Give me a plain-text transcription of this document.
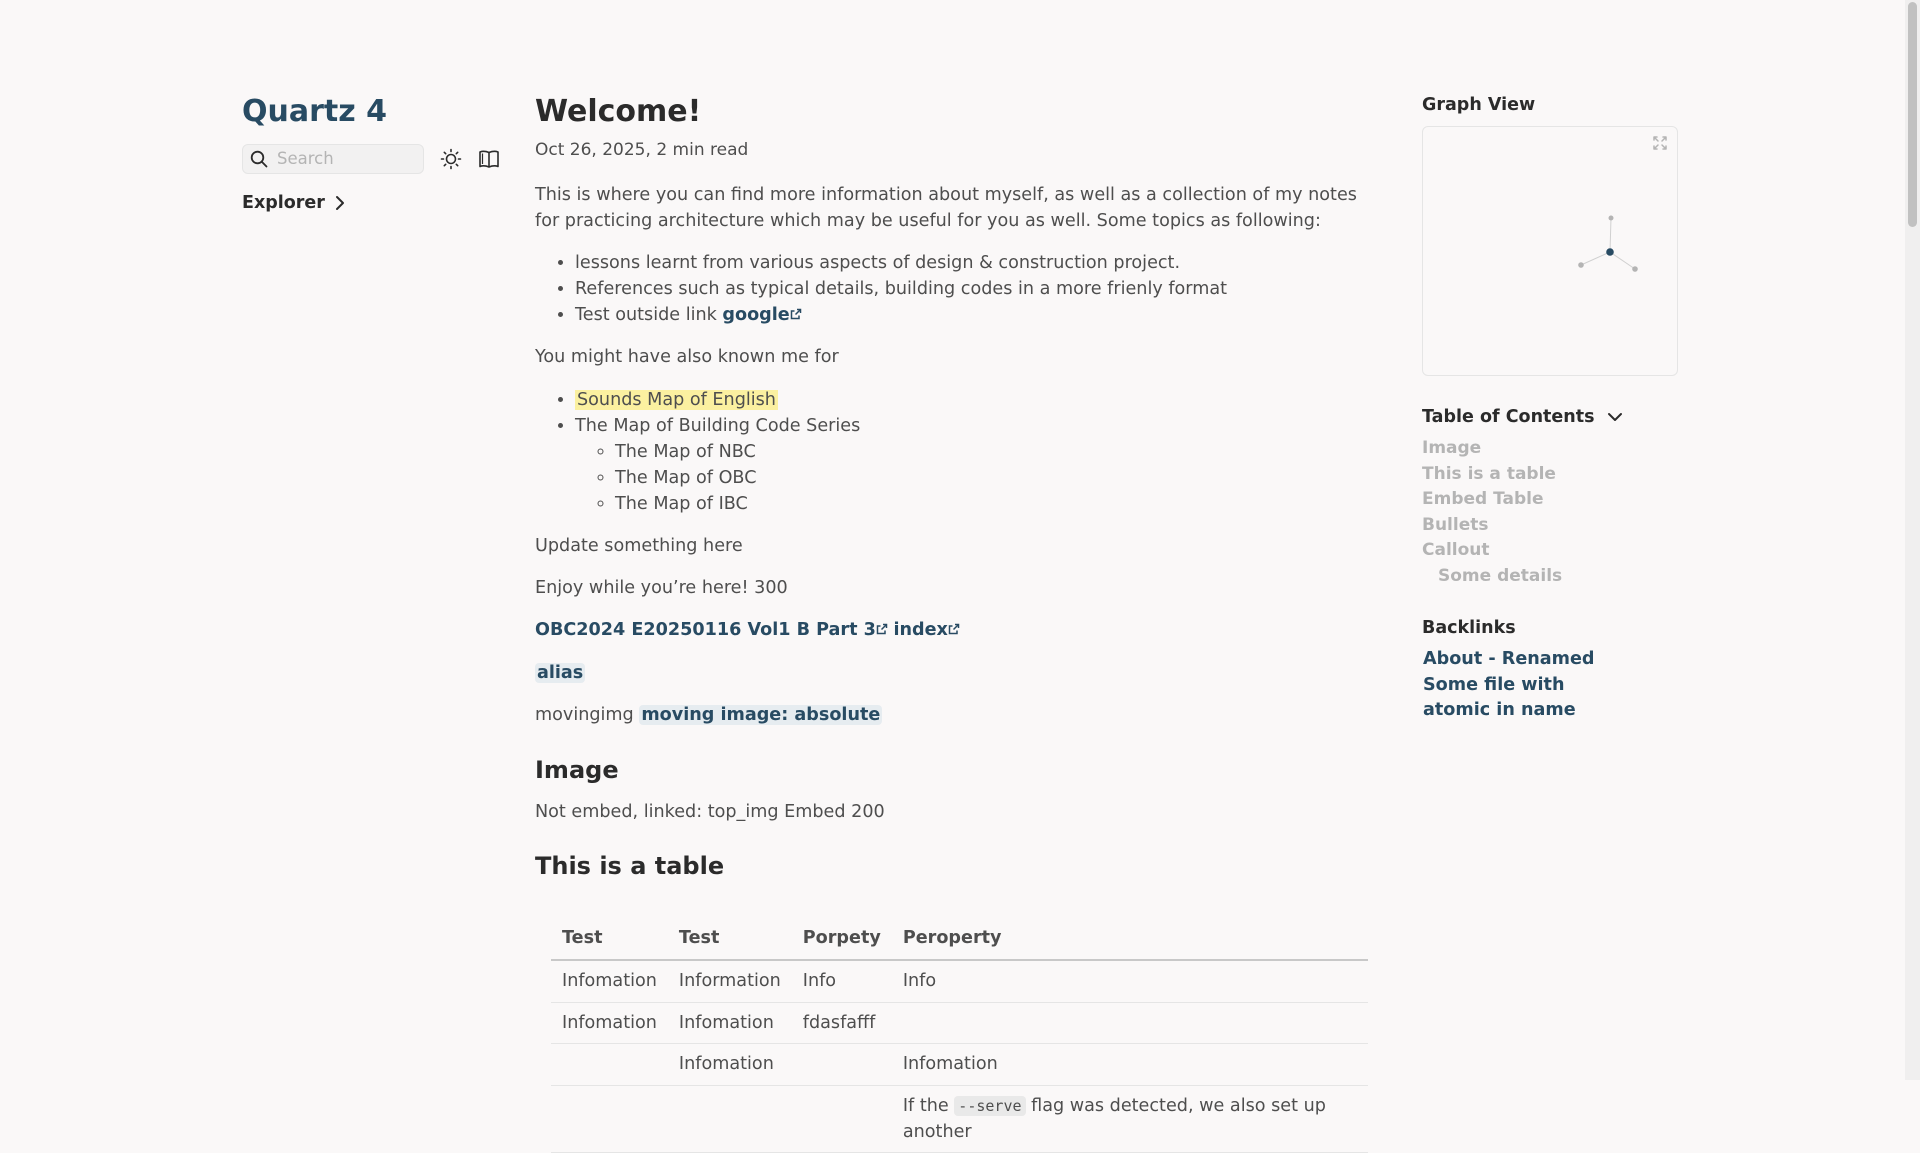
Quartz 4
Search
Explorer
Welcome!

Oct 26, 2025, 2 min read

This is where you can find more information about myself, as well as a collection of my notes for practicing architecture which may be useful for you as well. Some topics as following:

• lessons learnt from various aspects of design & construction project.
• References such as typical details, building codes in a more frienly format
• Test outside link google

You might have also known me for

• Sounds Map of English
• The Map of Building Code Series
◦ The Map of NBC
◦ The Map of OBC
◦ The Map of IBC

Update something here

Enjoy while you’re here! 300

OBC2024 E20250116 Vol1 B Part 3 index

alias

movingimg moving image: absolute

Image

Not embed, linked: top_img Embed 200

This is a table
Test	Test	Porpety	Peroperty
Infomation	Information	Info	Info
Infomation	Infomation	fdasfafff	
	Infomation		Infomation
			If the --serve flag was detected, we also set up another
Graph View
Table of Contents
Image
This is a table
Embed Table
Bullets
Callout
Some details
Backlinks
About - Renamed
Some file with atomic in name
